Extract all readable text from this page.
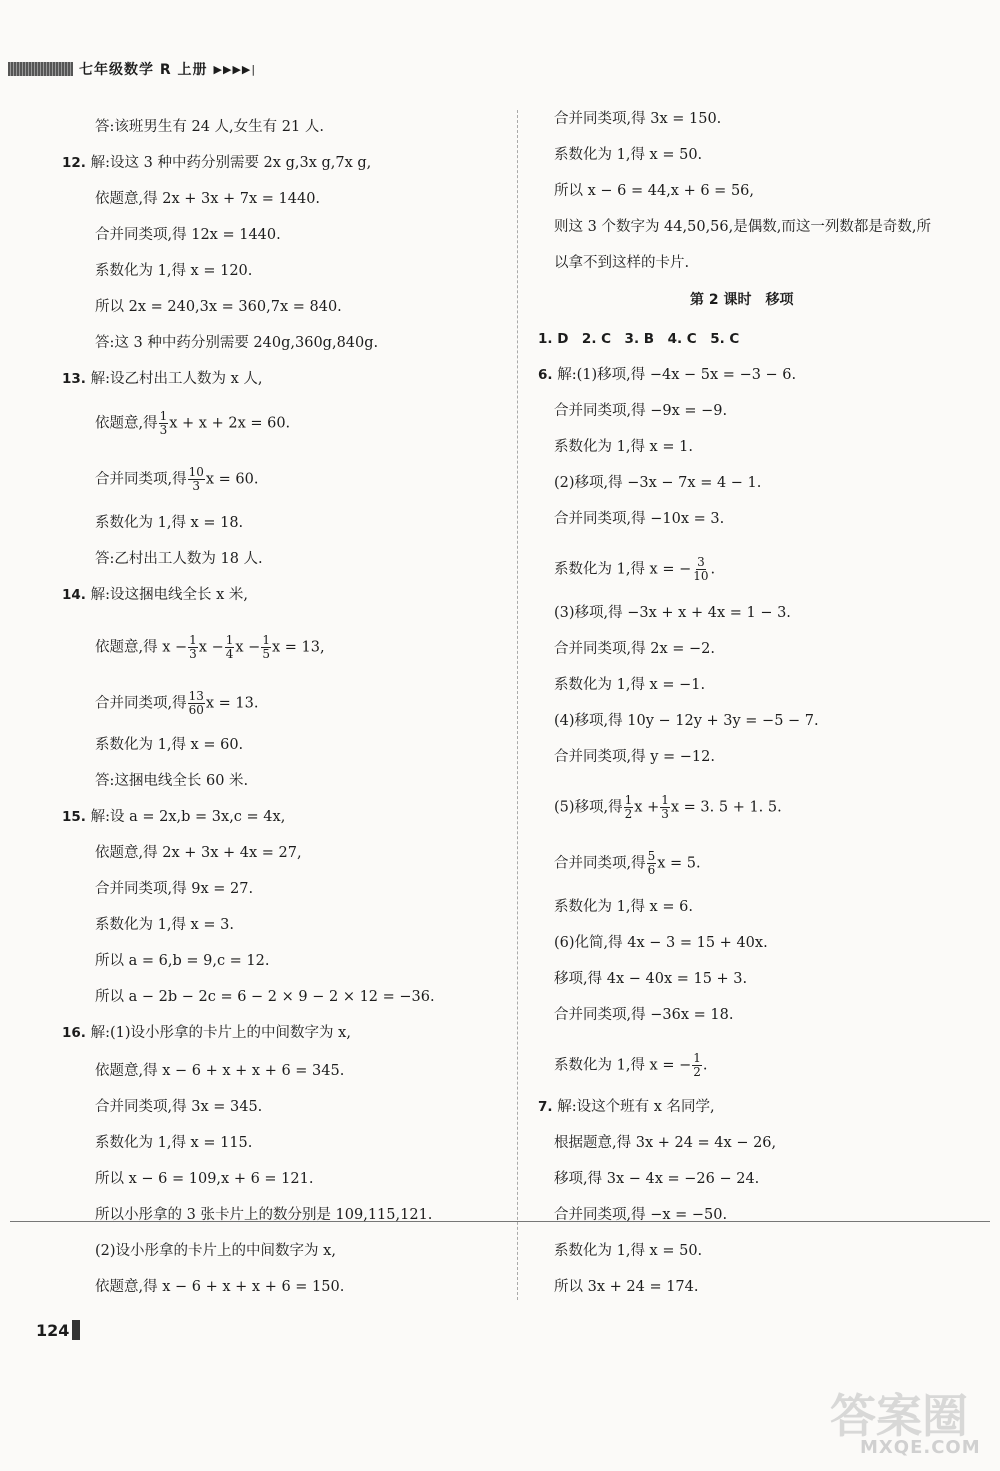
七年级数学 R 上册 ▶▶▶▶|
答:该班男生有 24 人,女生有 21 人.
12. 解:设这 3 种中药分别需要 2x g,3x g,7x g,
依题意,得 2x + 3x + 7x = 1440.
合并同类项,得 12x = 1440.
系数化为 1,得 x = 120.
所以 2x = 240,3x = 360,7x = 840.
答:这 3 种中药分别需要 240g,360g,840g.
13. 解:设乙村出工人数为 x 人,
依题意,得 $\frac{1}{3}$ x + x + 2x = 60.
合并同类项,得 $\frac{10}{3}$ x = 60.
系数化为 1,得 x = 18.
答:乙村出工人数为 18 人.
14. 解:设这捆电线全长 x 米,
依题意,得 $x - \frac{1}{3}$ $x - \frac{1}{4}$ $x - \frac{1}{5}$ x = 13,
合并同类项,得 $\frac{13}{60}$ x = 13.
系数化为 1,得 x = 60.
答:这捆电线全长 60 米.
15. 解:设 a = 2x,b = 3x,c = 4x,
依题意,得 2x + 3x + 4x = 27,
合并同类项,得 9x = 27.
系数化为 1,得 x = 3.
所以 a = 6,b = 9,c = 12.
所以 a − 2b − 2c = 6 − 2 × 9 − 2 × 12 = −36.
16. 解:(1)设小彤拿的卡片上的中间数字为 x,
依题意,得 x − 6 + x + x + 6 = 345.
合并同类项,得 3x = 345.
系数化为 1,得 x = 115.
所以 x − 6 = 109,x + 6 = 121.
所以小彤拿的 3 张卡片上的数分别是 109,115,121.
(2)设小彤拿的卡片上的中间数字为 x,
依题意,得 x − 6 + x + x + 6 = 150.
合并同类项,得 3x = 150.
系数化为 1,得 x = 50.
所以 x − 6 = 44,x + 6 = 56,
则这 3 个数字为 44,50,56,是偶数,而这一列数都是奇数,所
以拿不到这样的卡片.
第 2 课时　移项
1. D　2. C　3. B　4. C　5. C
6. 解:(1)移项,得 −4x − 5x = −3 − 6.
合并同类项,得 −9x = −9.
系数化为 1,得 x = 1.
(2)移项,得 −3x − 7x = 4 − 1.
合并同类项,得 −10x = 3.
系数化为 1,得 x = − $\frac{3}{10}$ .
(3)移项,得 −3x + x + 4x = 1 − 3.
合并同类项,得 2x = −2.
系数化为 1,得 x = −1.
(4)移项,得 10y − 12y + 3y = −5 − 7.
合并同类项,得 y = −12.
(5)移项,得 $\frac{1}{2}$ $x + \frac{1}{3}$ x = 3. 5 + 1. 5.
合并同类项,得 $\frac{5}{6}$ x = 5.
系数化为 1,得 x = 6.
(6)化简,得 4x − 3 = 15 + 40x.
移项,得 4x − 40x = 15 + 3.
合并同类项,得 −36x = 18.
系数化为 1,得 x = − $\frac{1}{2}$ .
7. 解:设这个班有 x 名同学,
根据题意,得 3x + 24 = 4x − 26,
移项,得 3x − 4x = −26 − 24.
合并同类项,得 −x = −50.
系数化为 1,得 x = 50.
所以 3x + 24 = 174.
124
答案圈
MXQE.COM
